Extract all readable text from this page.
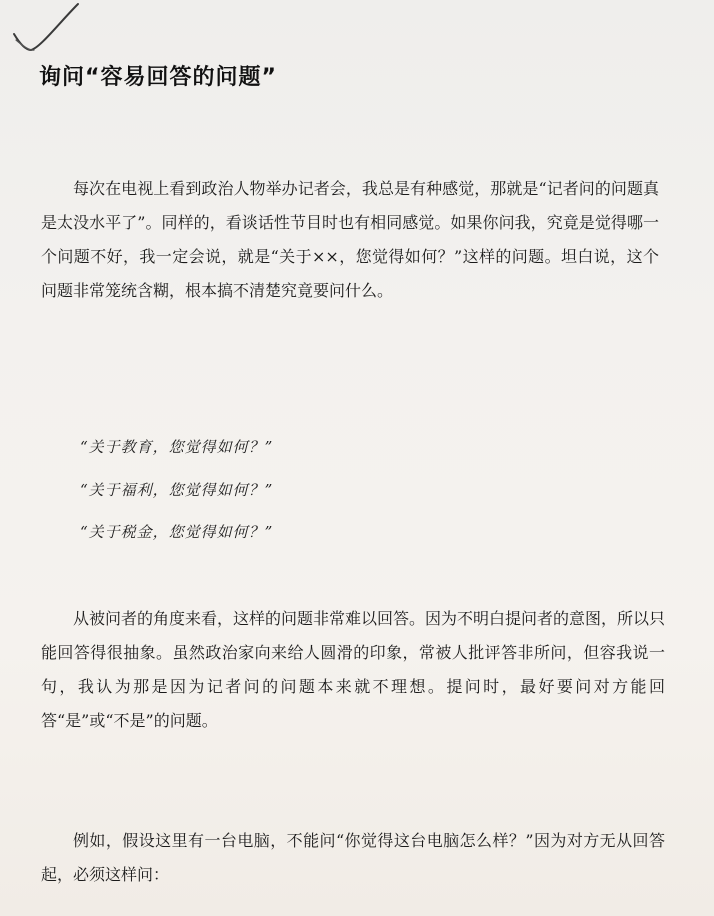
询问“容易回答的问题”

每次在电视上看到政治人物举办记者会，我总是有种感觉，那就是“记者问的问题真是太没水平了”。同样的，看谈话性节目时也有相同感觉。如果你问我，究竟是觉得哪一个问题不好，我一定会说，就是“关于××，您觉得如何？”这样的问题。坦白说，这个问题非常笼统含糊，根本搞不清楚究竟要问什么。

“关于教育，您觉得如何？”

“关于福利，您觉得如何？”

“关于税金，您觉得如何？”

从被问者的角度来看，这样的问题非常难以回答。因为不明白提问者的意图，所以只能回答得很抽象。虽然政治家向来给人圆滑的印象，常被人批评答非所问，但容我说一句，我认为那是因为记者问的问题本来就不理想。提问时，最好要问对方能回答“是”或“不是”的问题。

例如，假设这里有一台电脑，不能问“你觉得这台电脑怎么样？”因为对方无从回答起，必须这样问：
